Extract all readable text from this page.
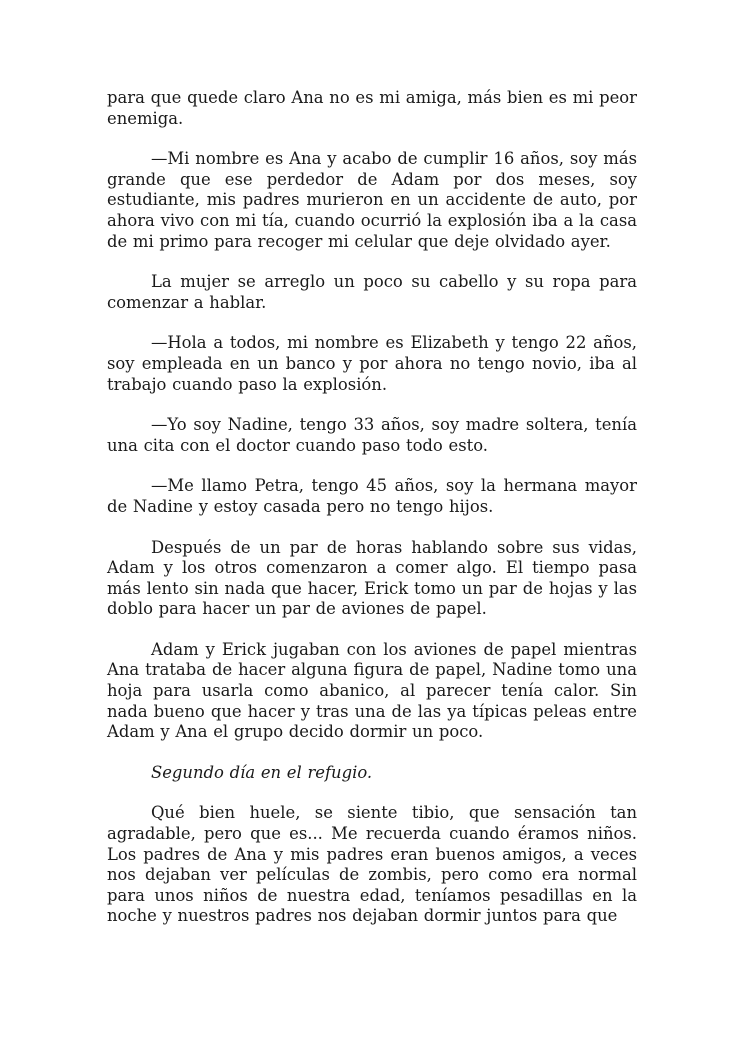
para que quede claro Ana no es mi amiga, más bien es mi peor enemiga.

—Mi nombre es Ana y acabo de cumplir 16 años, soy más grande que ese perdedor de Adam por dos meses, soy estudiante, mis padres murieron en un accidente de auto, por ahora vivo con mi tía, cuando ocurrió la explosión iba a la casa de mi primo para recoger mi celular que deje olvidado ayer.

La mujer se arreglo un poco su cabello y su ropa para comenzar a hablar.

—Hola a todos, mi nombre es Elizabeth y tengo 22 años, soy empleada en un banco y por ahora no tengo novio, iba al trabajo cuando paso la explosión.

—Yo soy Nadine, tengo 33 años, soy madre soltera, tenía una cita con el doctor cuando paso todo esto.

—Me llamo Petra, tengo 45 años, soy la hermana mayor de Nadine y estoy casada pero no tengo hijos.

Después de un par de horas hablando sobre sus vidas, Adam y los otros comenzaron a comer algo. El tiempo pasa más lento sin nada que hacer, Erick tomo un par de hojas y las doblo para hacer un par de aviones de papel.

Adam y Erick jugaban con los aviones de papel mientras Ana trataba de hacer alguna figura de papel, Nadine tomo una hoja para usarla como abanico, al parecer tenía calor. Sin nada bueno que hacer y tras una de las ya típicas peleas entre Adam y Ana el grupo decido dormir un poco.

Segundo día en el refugio.

Qué bien huele, se siente tibio, que sensación tan agradable, pero que es... Me recuerda cuando éramos niños. Los padres de Ana y mis padres eran buenos amigos, a veces nos dejaban ver películas de zombis, pero como era normal para unos niños de nuestra edad, teníamos pesadillas en la noche y nuestros padres nos dejaban dormir juntos para que
